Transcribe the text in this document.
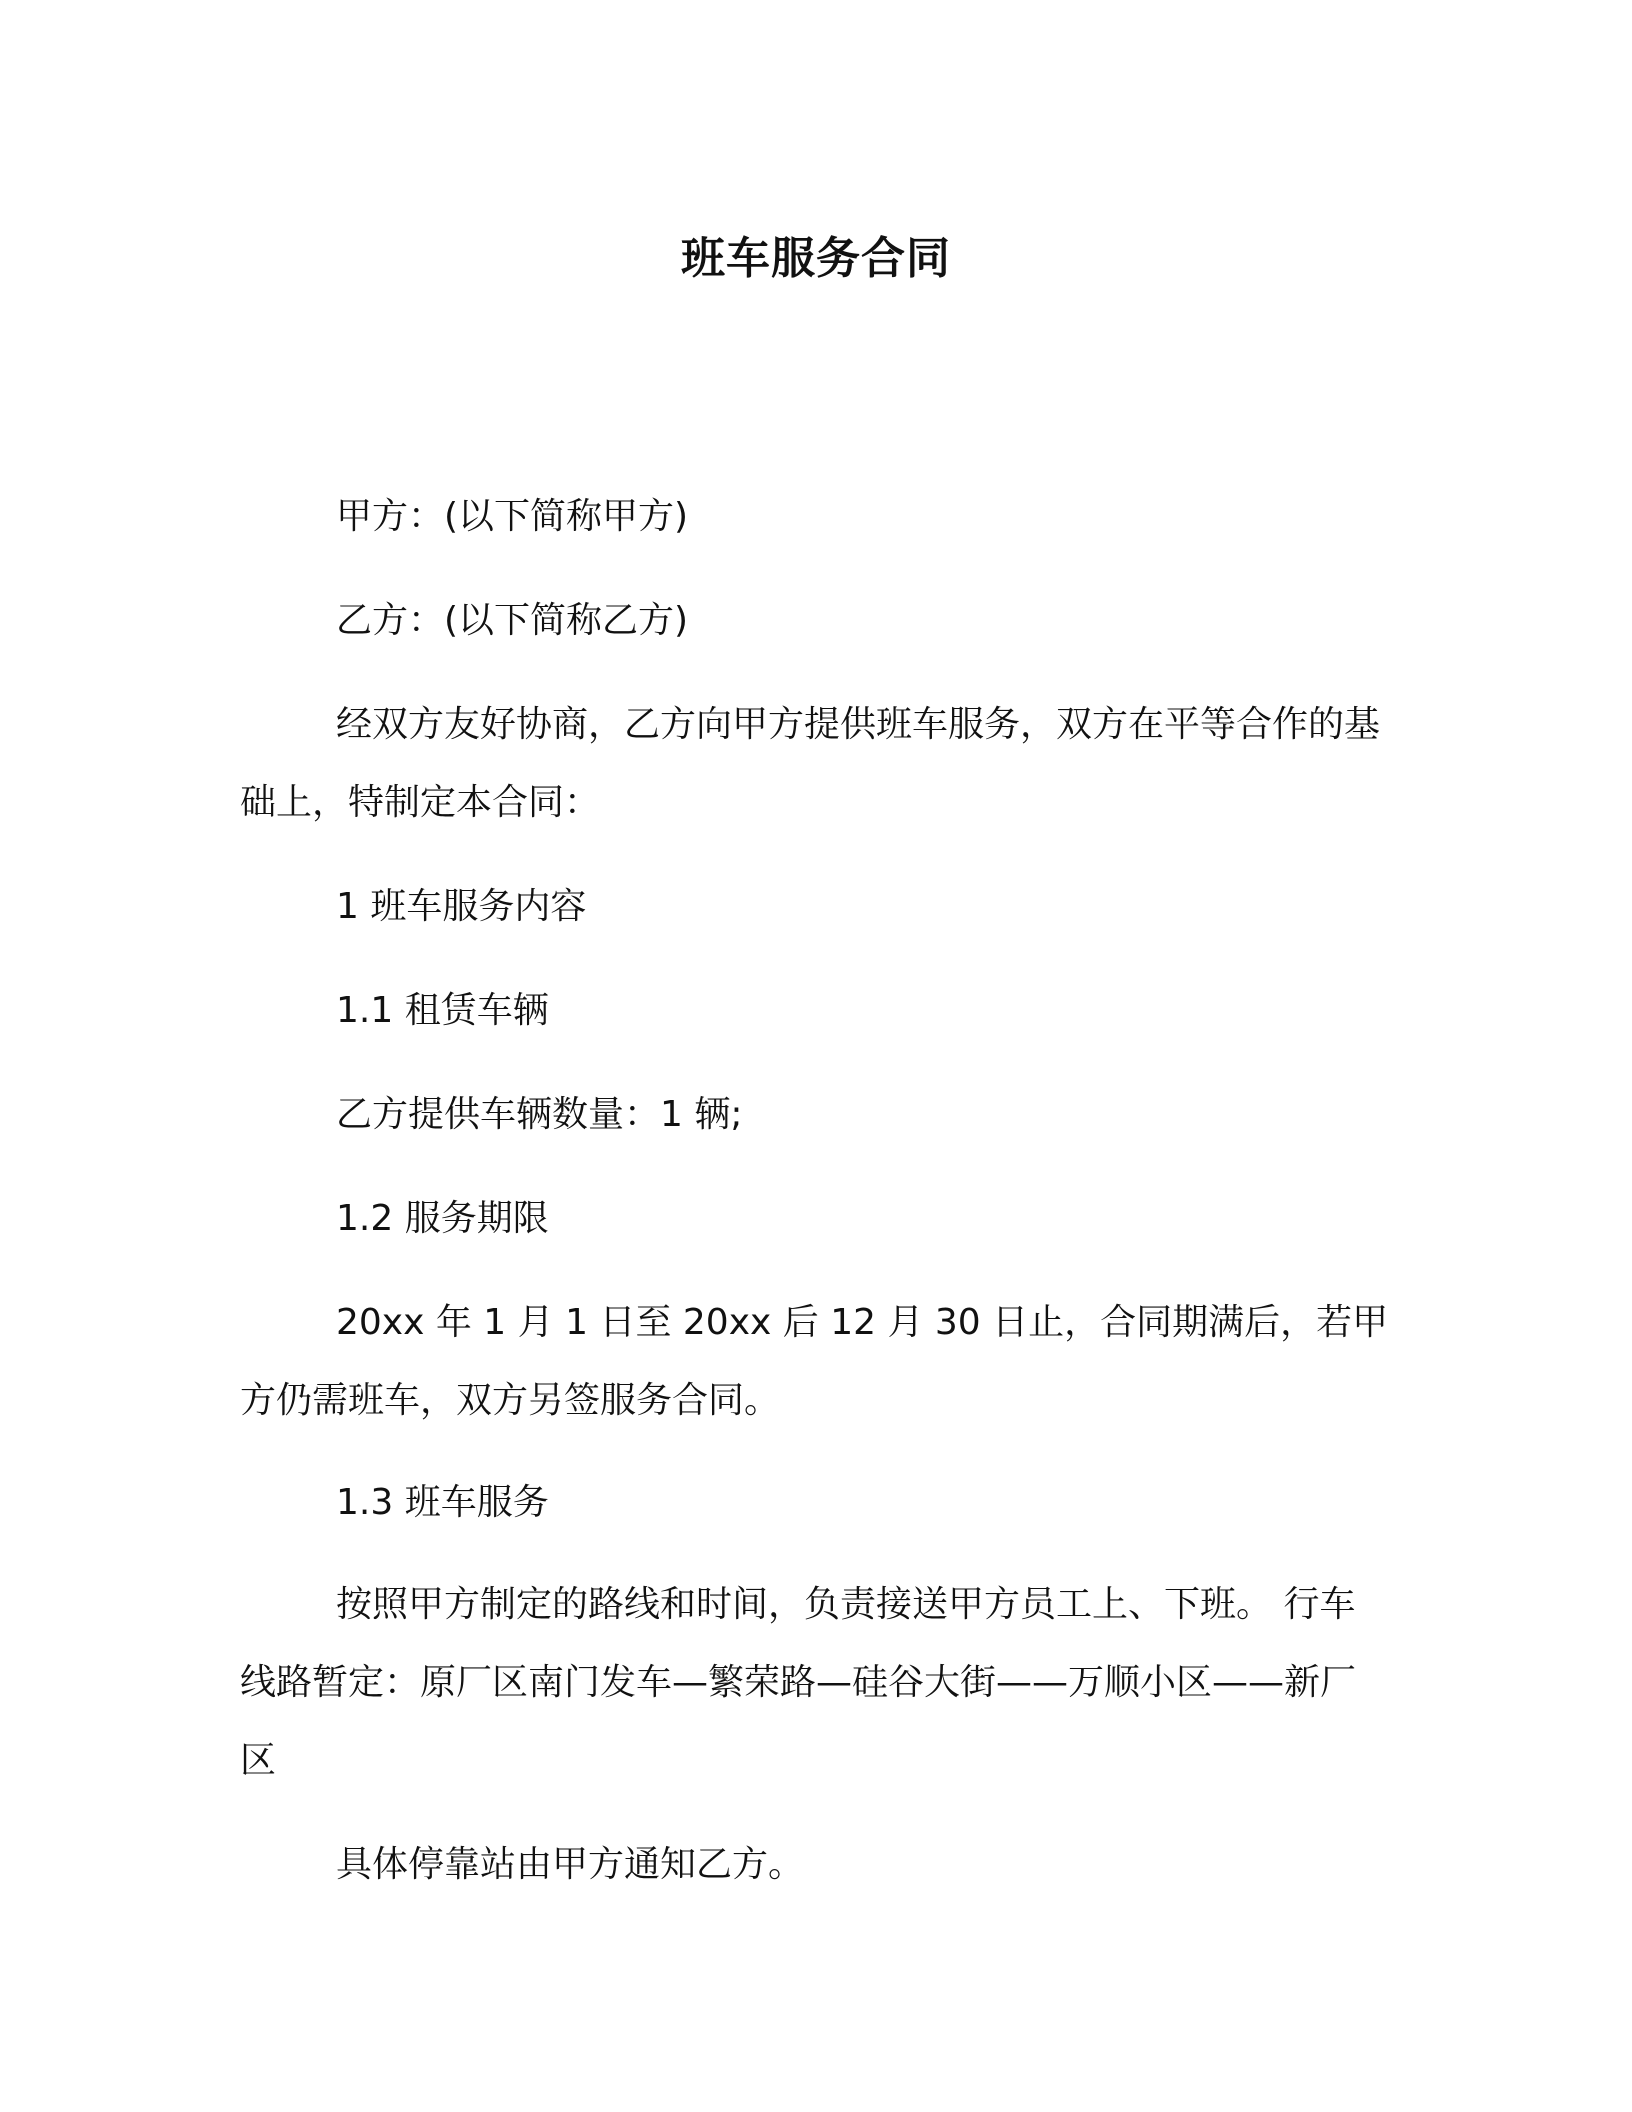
班车服务合同
甲方：(以下简称甲方)
乙方：(以下简称乙方)
经双方友好协商，乙方向甲方提供班车服务，双方在平等合作的基础上，特制定本合同：
1 班车服务内容
1.1 租赁车辆
乙方提供车辆数量：1 辆;
1.2 服务期限
20xx 年 1 月 1 日至 20xx 后 12 月 30 日止，合同期满后，若甲方仍需班车，双方另签服务合同。
1.3 班车服务
按照甲方制定的路线和时间，负责接送甲方员工上、下班。 行车线路暂定：原厂区南门发车—繁荣路—硅谷大街——万顺小区——新厂区
具体停靠站由甲方通知乙方。
